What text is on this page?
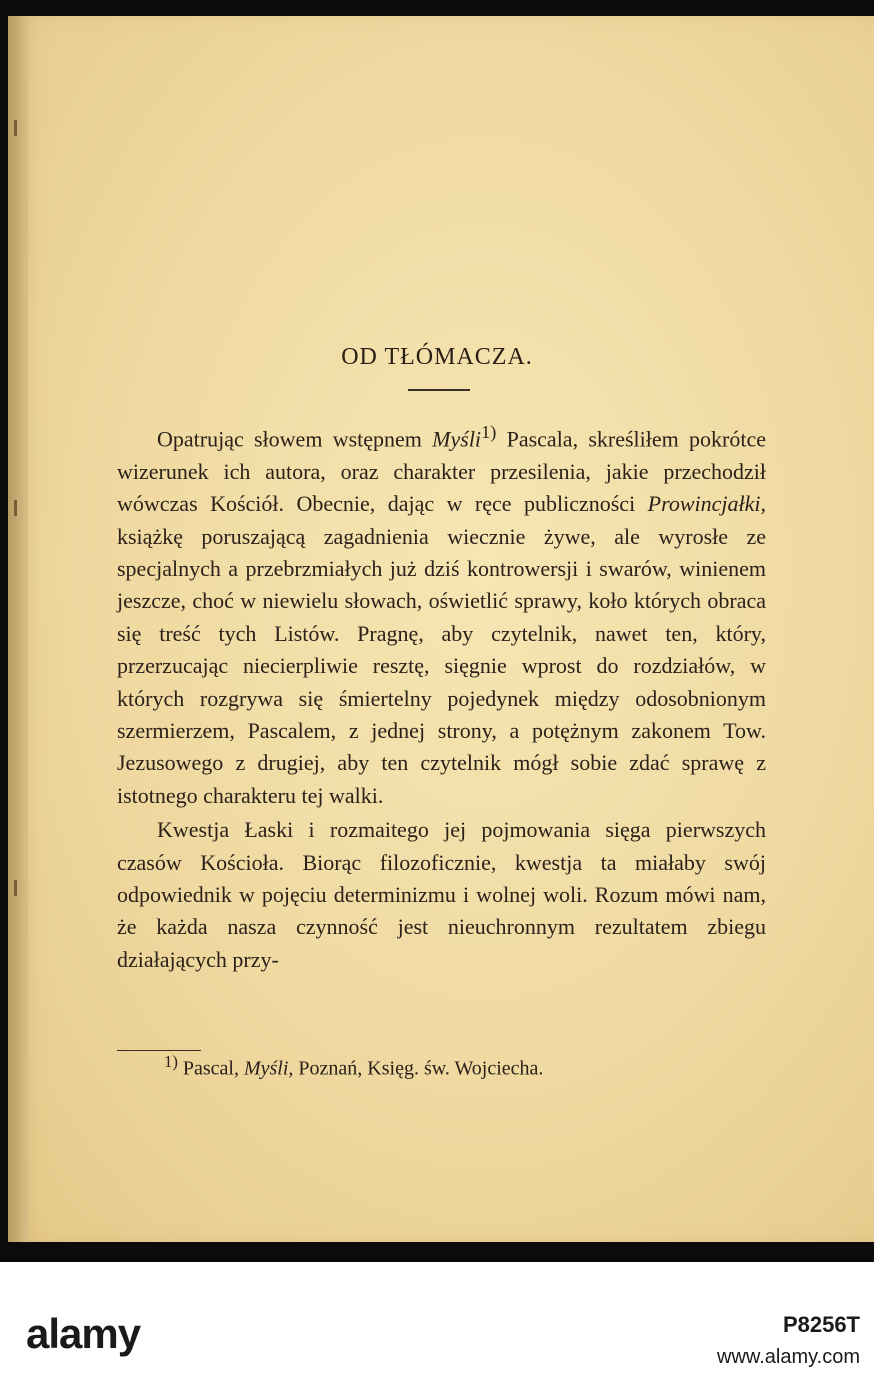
OD TŁÓMACZA.

Opatrując słowem wstępnem Myśli$^{1)}$ Pascala, skreśliłem pokrótce wizerunek ich autora, oraz charakter przesilenia, jakie przechodził wówczas Kościół. Obecnie, dając w ręce publiczności Prowincjałki, książkę poruszającą zagadnienia wiecznie żywe, ale wyrosłe ze specjalnych a przebrzmiałych już dziś kontrowersji i swarów, winienem jeszcze, choć w niewielu słowach, oświetlić sprawy, koło których obraca się treść tych Listów. Pragnę, aby czytelnik, nawet ten, który, przerzucając niecierpliwie resztę, sięgnie wprost do rozdziałów, w których rozgrywa się śmiertelny pojedynek między odosobnionym szermierzem, Pascalem, z jednej strony, a potężnym zakonem Tow. Jezusowego z drugiej, aby ten czytelnik mógł sobie zdać sprawę z istotnego charakteru tej walki.

Kwestja Łaski i rozmaitego jej pojmowania sięga pierwszych czasów Kościoła. Biorąc filozoficznie, kwestja ta miałaby swój odpowiednik w pojęciu determinizmu i wolnej woli. Rozum mówi nam, że każda nasza czynność jest nieuchronnym rezultatem zbiegu działających przy-

$^{1)}$ Pascal, Myśli, Poznań, Księg. św. Wojciecha.
alamy	P8256T
www.alamy.com
